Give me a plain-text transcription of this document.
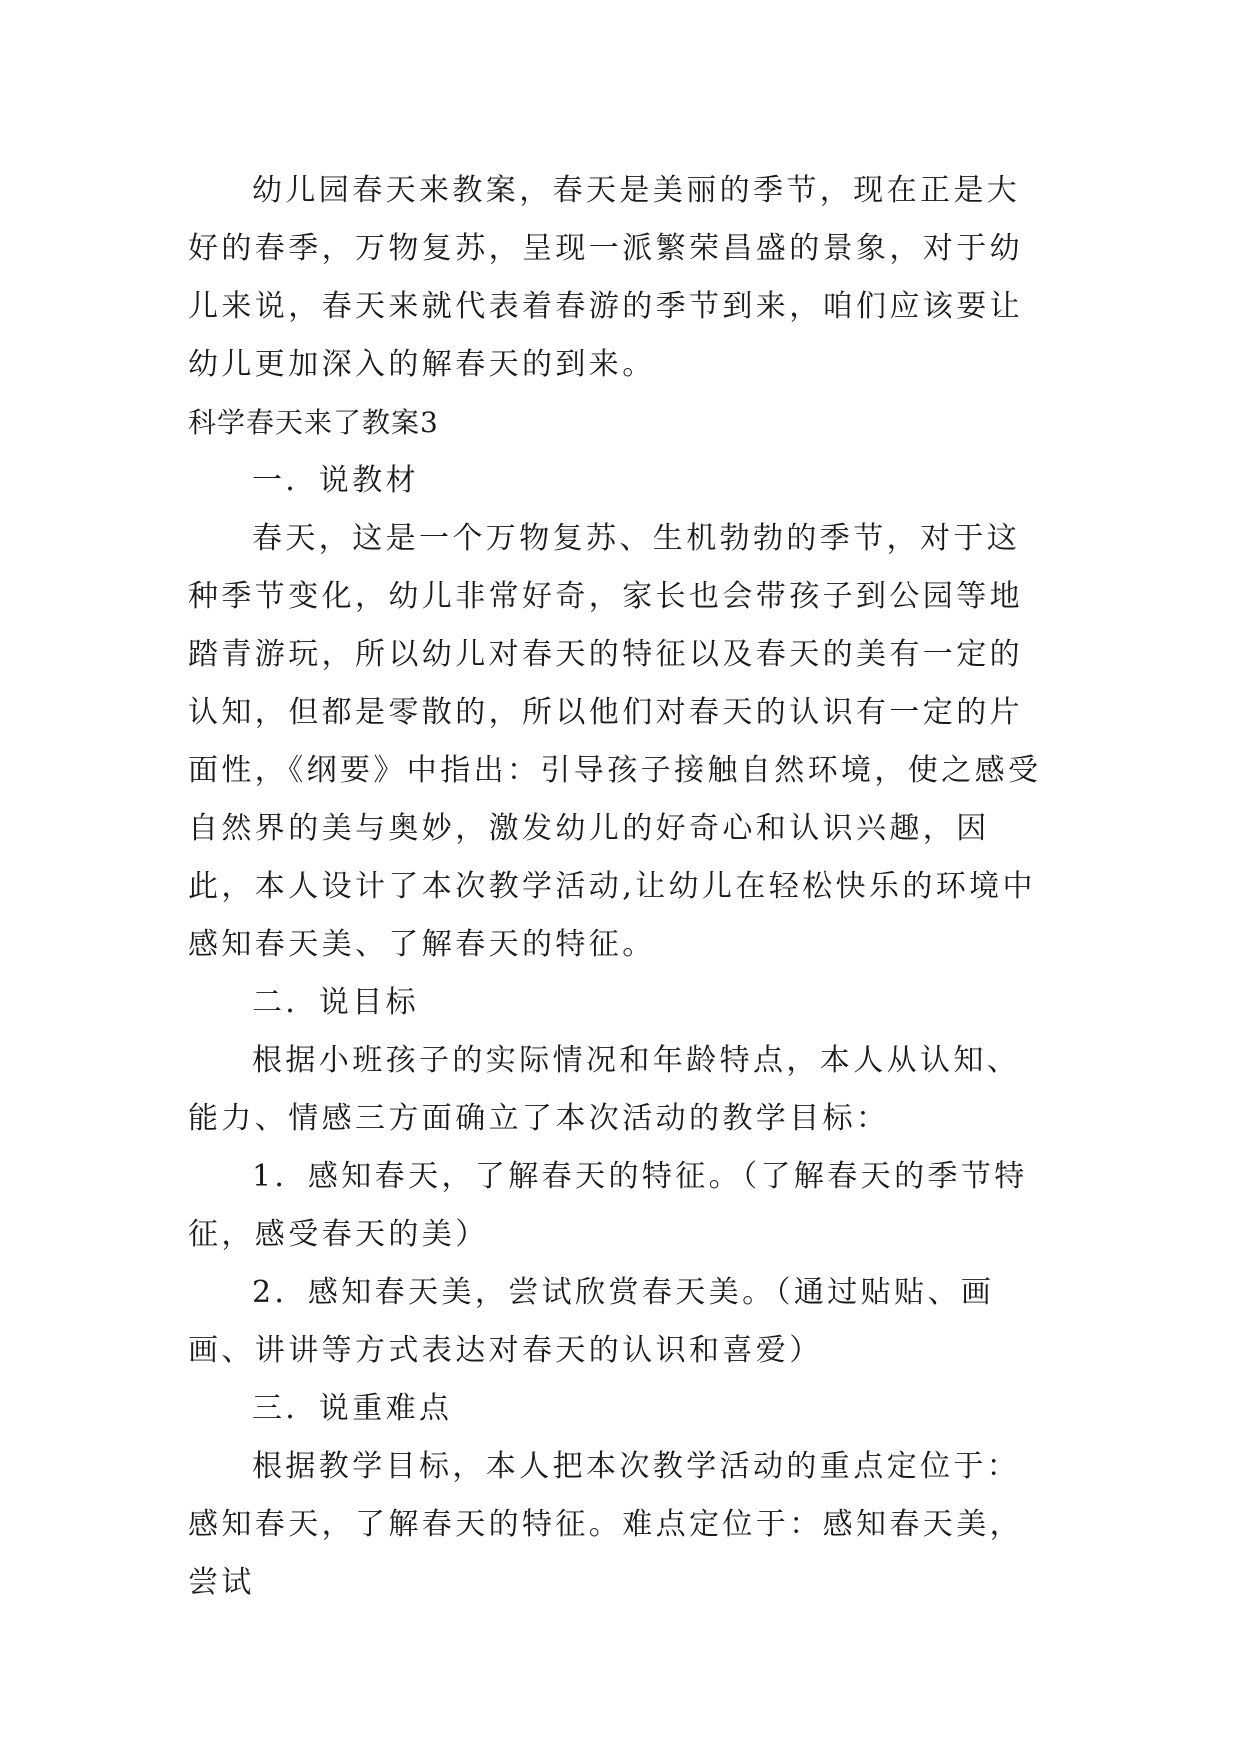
幼儿园春天来教案，春天是美丽的季节，现在正是大好的春季，万物复苏，呈现一派繁荣昌盛的景象，对于幼儿来说，春天来就代表着春游的季节到来，咱们应该要让幼儿更加深入的解春天的到来。

科学春天来了教案3

一．说教材

春天，这是一个万物复苏、生机勃勃的季节，对于这种季节变化，幼儿非常好奇，家长也会带孩子到公园等地踏青游玩，所以幼儿对春天的特征以及春天的美有一定的认知，但都是零散的，所以他们对春天的认识有一定的片面性，《纲要》中指出：引导孩子接触自然环境，使之感受自然界的美与奥妙，激发幼儿的好奇心和认识兴趣，因此，本人设计了本次教学活动,让幼儿在轻松快乐的环境中感知春天美、了解春天的特征。

二．说目标

根据小班孩子的实际情况和年龄特点，本人从认知、能力、情感三方面确立了本次活动的教学目标：

1．感知春天，了解春天的特征。（了解春天的季节特征，感受春天的美）

2．感知春天美，尝试欣赏春天美。（通过贴贴、画画、讲讲等方式表达对春天的认识和喜爱）

三．说重难点

根据教学目标，本人把本次教学活动的重点定位于：感知春天，了解春天的特征。难点定位于：感知春天美，尝试
